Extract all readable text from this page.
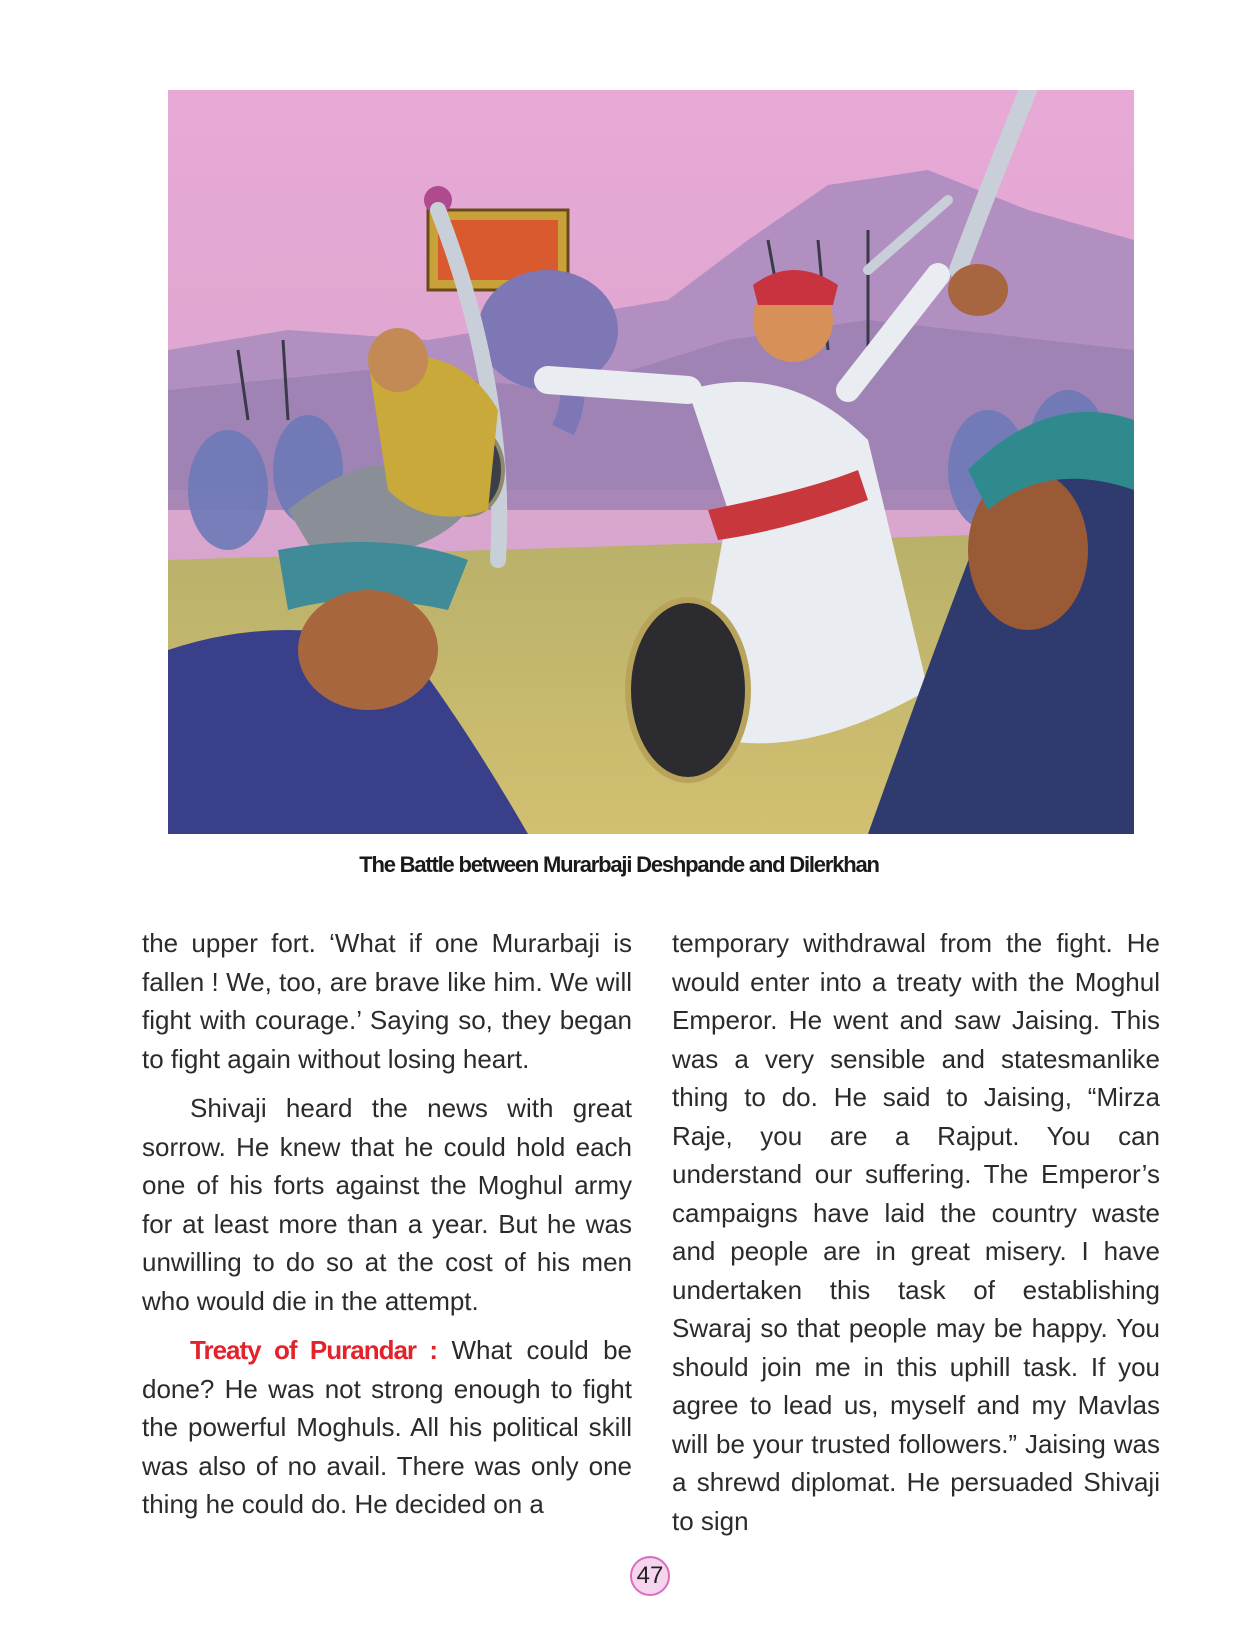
The Battle between Murarbaji Deshpande and Dilerkhan

the upper fort. ‘What if one Murarbaji is fallen ! We, too, are brave like him. We will fight with courage.’ Saying so, they began to fight again without losing heart.

Shivaji heard the news with great sorrow. He knew that he could hold each one of his forts against the Moghul army for at least more than a year. But he was unwilling to do so at the cost of his men who would die in the attempt.

Treaty of Purandar : What could be done? He was not strong enough to fight the powerful Moghuls. All his political skill was also of no avail. There was only one thing he could do. He decided on a

temporary withdrawal from the fight. He would enter into a treaty with the Moghul Emperor. He went and saw Jaising. This was a very sensible and statesmanlike thing to do. He said to Jaising, “Mirza Raje, you are a Rajput. You can understand our suffering. The Emperor’s campaigns have laid the country waste and people are in great misery. I have undertaken this task of establishing Swaraj so that people may be happy. You should join me in this uphill task. If you agree to lead us, myself and my Mavlas will be your trusted followers.” Jaising was a shrewd diplomat. He persuaded Shivaji to sign

47
